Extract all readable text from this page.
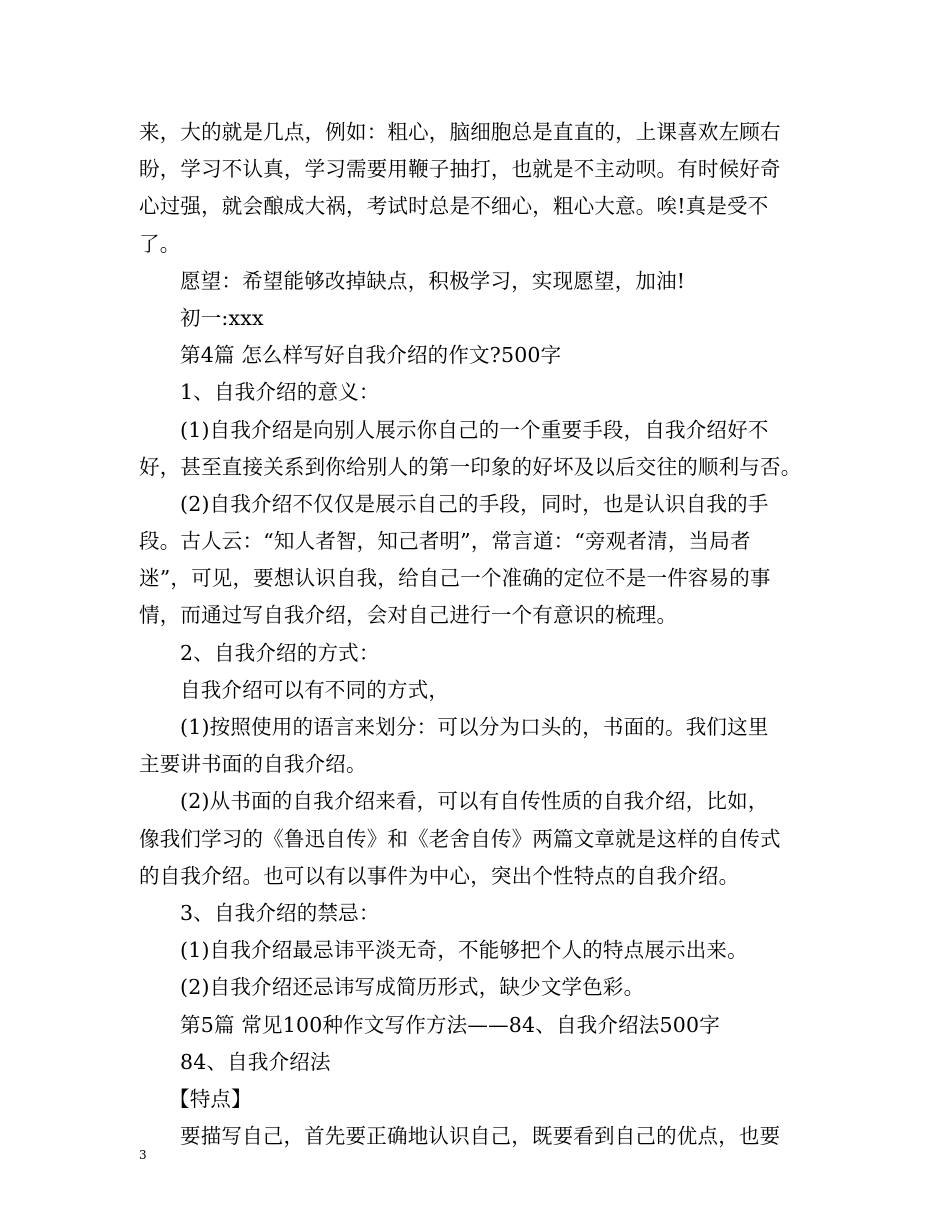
来，大的就是几点，例如：粗心，脑细胞总是直直的，上课喜欢左顾右
盼，学习不认真，学习需要用鞭子抽打，也就是不主动呗。有时候好奇
心过强，就会酿成大祸，考试时总是不细心，粗心大意。唉!真是受不
了。
愿望：希望能够改掉缺点，积极学习，实现愿望，加油!
初一:xxx
第4篇 怎么样写好自我介绍的作文?500字
1、自我介绍的意义：
(1)自我介绍是向别人展示你自己的一个重要手段，自我介绍好不
好，甚至直接关系到你给别人的第一印象的好坏及以后交往的顺利与否。
(2)自我介绍不仅仅是展示自己的手段，同时，也是认识自我的手
段。古人云：“知人者智，知己者明”，常言道：“旁观者清，当局者
迷”，可见，要想认识自我，给自己一个准确的定位不是一件容易的事
情，而通过写自我介绍，会对自己进行一个有意识的梳理。
2、自我介绍的方式：
自我介绍可以有不同的方式，
(1)按照使用的语言来划分：可以分为口头的，书面的。我们这里
主要讲书面的自我介绍。
(2)从书面的自我介绍来看，可以有自传性质的自我介绍，比如，
像我们学习的《鲁迅自传》和《老舍自传》两篇文章就是这样的自传式
的自我介绍。也可以有以事件为中心，突出个性特点的自我介绍。
3、自我介绍的禁忌：
(1)自我介绍最忌讳平淡无奇，不能够把个人的特点展示出来。
(2)自我介绍还忌讳写成简历形式，缺少文学色彩。
第5篇 常见100种作文写作方法——84、自我介绍法500字
84、自我介绍法
【特点】
要描写自己，首先要正确地认识自己，既要看到自己的优点，也要
3
